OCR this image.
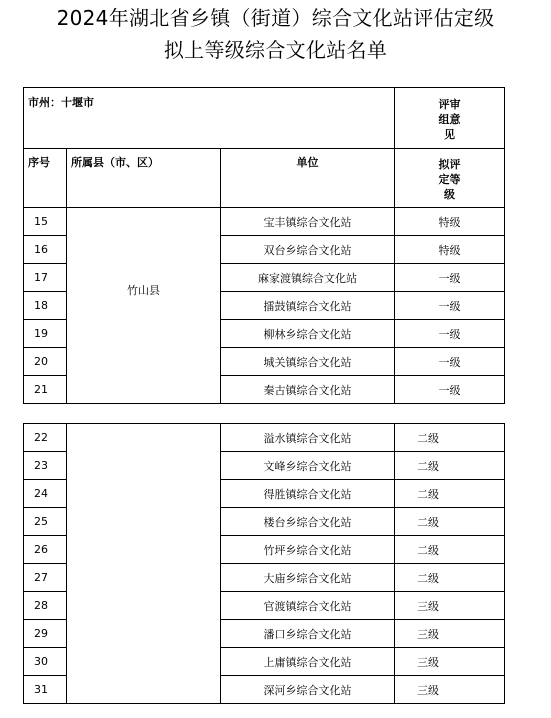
2024年湖北省乡镇（街道）综合文化站评估定级
拟上等级综合文化站名单
市州：十堰市			评审组意见
序号	所属县（市、区）	单位	拟评定等级
15	竹山县	宝丰镇综合文化站	特级
16		双台乡综合文化站	特级
17		麻家渡镇综合文化站	一级
18		擂鼓镇综合文化站	一级
19		柳林乡综合文化站	一级
20		城关镇综合文化站	一级
21		秦古镇综合文化站	一级
22		溢水镇综合文化站	二级
23		文峰乡综合文化站	二级
24		得胜镇综合文化站	二级
25		楼台乡综合文化站	二级
26		竹坪乡综合文化站	二级
27		大庙乡综合文化站	二级
28		官渡镇综合文化站	三级
29		潘口乡综合文化站	三级
30		上庸镇综合文化站	三级
31		深河乡综合文化站	三级
